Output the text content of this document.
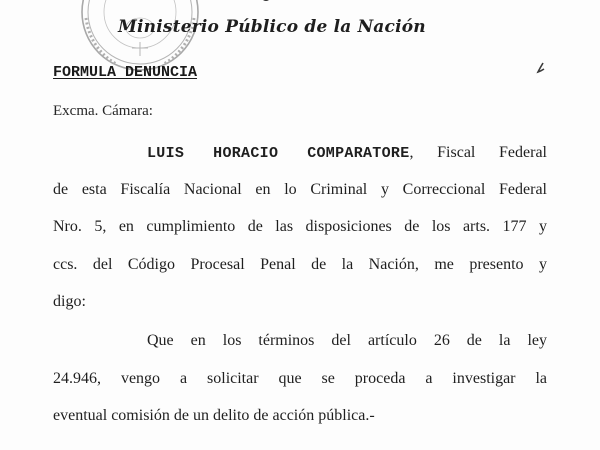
Ministerio Público de la Nación
FORMULA DENUNCIA
Excma. Cámara:
LUIS HORACIO COMPARATORE, Fiscal Federal
de esta Fiscalía Nacional en lo Criminal y Correccional Federal
Nro. 5, en cumplimiento de las disposiciones de los arts. 177 y
ccs. del Código Procesal Penal de la Nación, me presento y
digo:
Que en los términos del artículo 26 de la ley
24.946, vengo a solicitar que se proceda a investigar la
eventual comisión de un delito de acción pública.-
